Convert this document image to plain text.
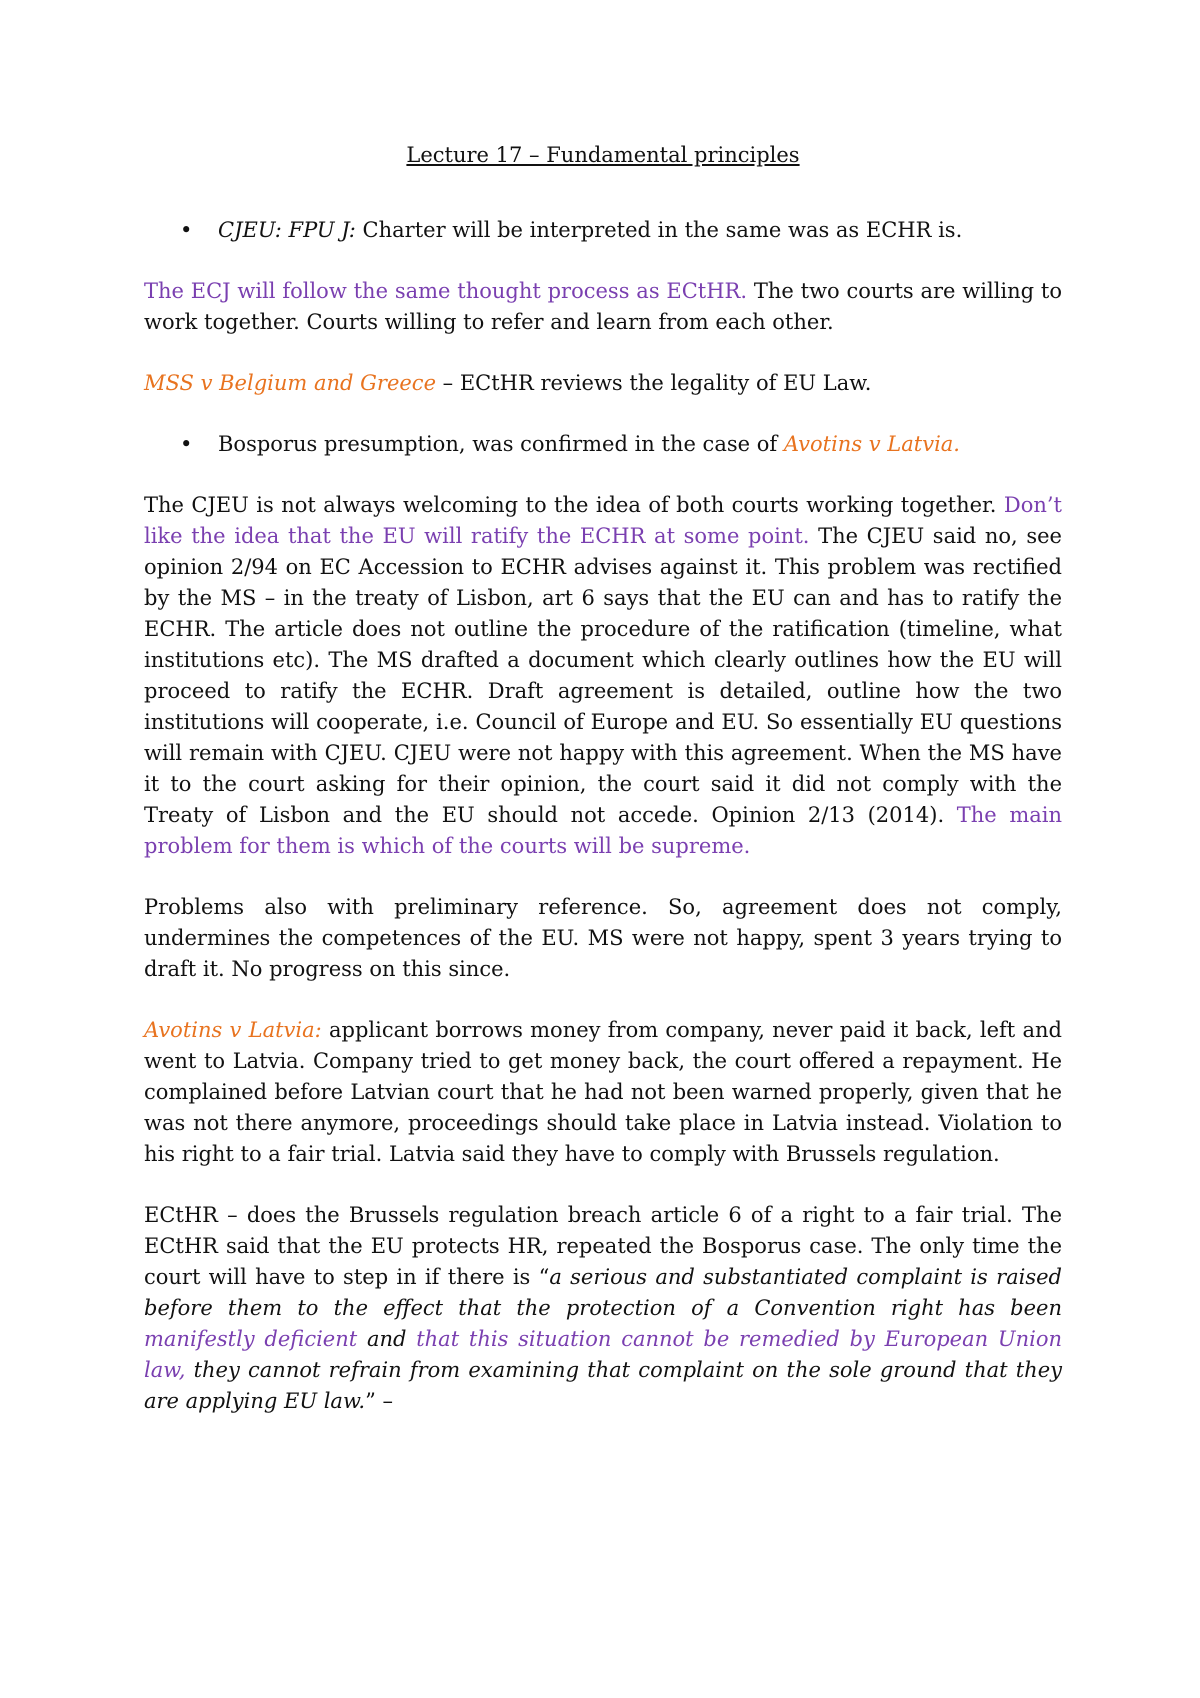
Lecture 17 – Fundamental principles
• CJEU: FPU J: Charter will be interpreted in the same was as ECHR is.

The ECJ will follow the same thought process as ECtHR. The two courts are willing to work together. Courts willing to refer and learn from each other.

MSS v Belgium and Greece – ECtHR reviews the legality of EU Law.

• Bosporus presumption, was confirmed in the case of Avotins v Latvia.

The CJEU is not always welcoming to the idea of both courts working together. Don’t like the idea that the EU will ratify the ECHR at some point. The CJEU said no, see opinion 2/94 on EC Accession to ECHR advises against it. This problem was rectified by the MS – in the treaty of Lisbon, art 6 says that the EU can and has to ratify the ECHR. The article does not outline the procedure of the ratification (timeline, what institutions etc). The MS drafted a document which clearly outlines how the EU will proceed to ratify the ECHR. Draft agreement is detailed, outline how the two institutions will cooperate, i.e. Council of Europe and EU. So essentially EU questions will remain with CJEU. CJEU were not happy with this agreement. When the MS have it to the court asking for their opinion, the court said it did not comply with the Treaty of Lisbon and the EU should not accede. Opinion 2/13 (2014). The main problem for them is which of the courts will be supreme.

Problems also with preliminary reference. So, agreement does not comply, undermines the competences of the EU. MS were not happy, spent 3 years trying to draft it. No progress on this since.

Avotins v Latvia: applicant borrows money from company, never paid it back, left and went to Latvia. Company tried to get money back, the court offered a repayment. He complained before Latvian court that he had not been warned properly, given that he was not there anymore, proceedings should take place in Latvia instead. Violation to his right to a fair trial. Latvia said they have to comply with Brussels regulation.

ECtHR – does the Brussels regulation breach article 6 of a right to a fair trial. The ECtHR said that the EU protects HR, repeated the Bosporus case. The only time the court will have to step in if there is “a serious and substantiated complaint is raised before them to the effect that the protection of a Convention right has been manifestly deficient and that this situation cannot be remedied by European Union law, they cannot refrain from examining that complaint on the sole ground that they are applying EU law.” –
